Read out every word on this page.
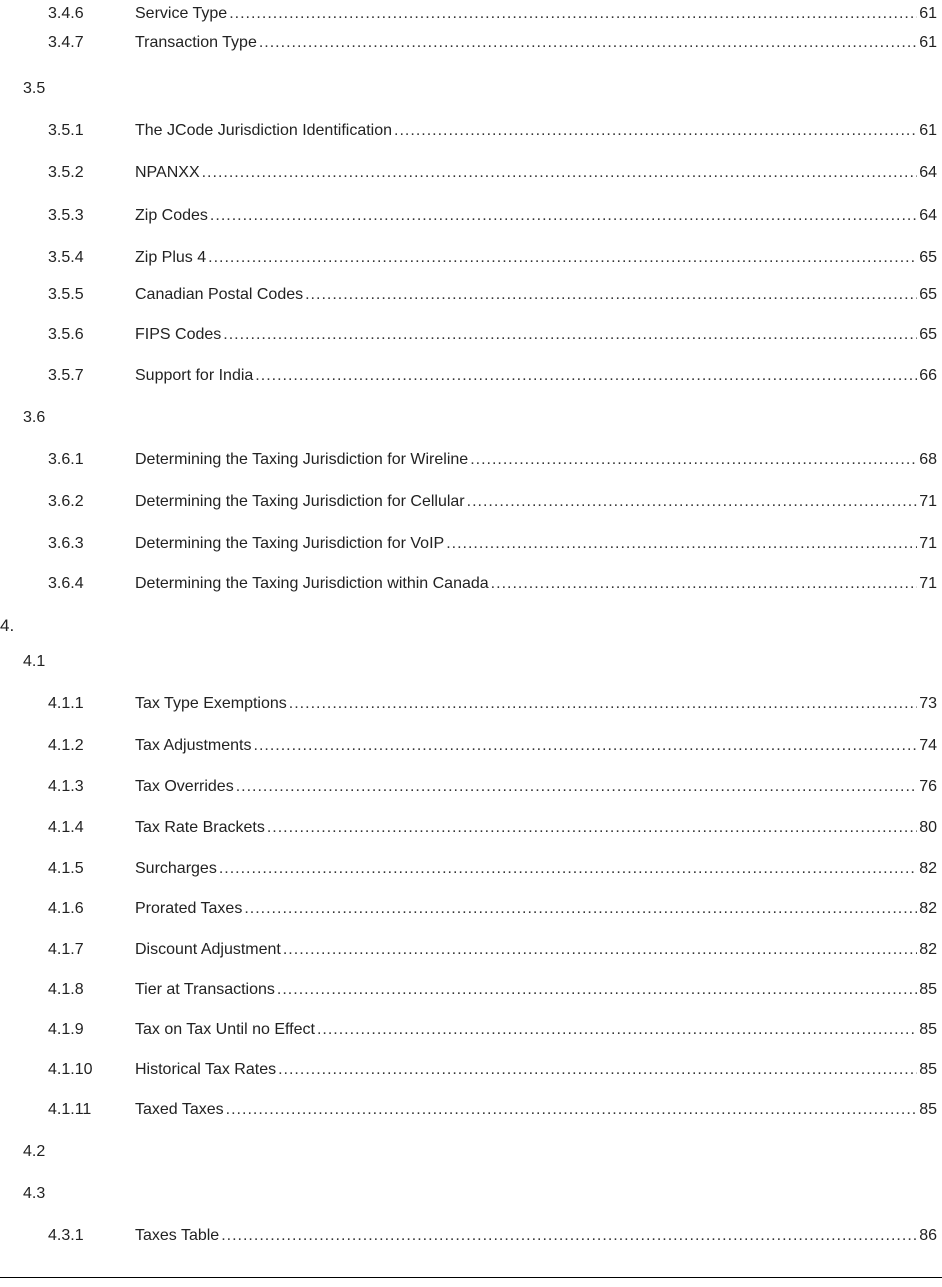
3.4.6	Service Type .....	61
3.4.7	Transaction Type .....	61
3.5
3.5.1	The JCode Jurisdiction Identification .....	61
3.5.2	NPANXX .....	64
3.5.3	Zip Codes .....	64
3.5.4	Zip Plus 4 .....	65
3.5.5	Canadian Postal Codes .....	65
3.5.6	FIPS Codes .....	65
3.5.7	Support for India .....	66
3.6
3.6.1	Determining the Taxing Jurisdiction for Wireline .....	68
3.6.2	Determining the Taxing Jurisdiction for Cellular .....	71
3.6.3	Determining the Taxing Jurisdiction for VoIP .....	71
3.6.4	Determining the Taxing Jurisdiction within Canada .....	71
4.
4.1
4.1.1	Tax Type Exemptions .....	73
4.1.2	Tax Adjustments .....	74
4.1.3	Tax Overrides .....	76
4.1.4	Tax Rate Brackets .....	80
4.1.5	Surcharges .....	82
4.1.6	Prorated Taxes .....	82
4.1.7	Discount Adjustment .....	82
4.1.8	Tier at Transactions .....	85
4.1.9	Tax on Tax Until no Effect .....	85
4.1.10	Historical Tax Rates .....	85
4.1.11	Taxed Taxes .....	85
4.2
4.3
4.3.1	Taxes Table .....	86
